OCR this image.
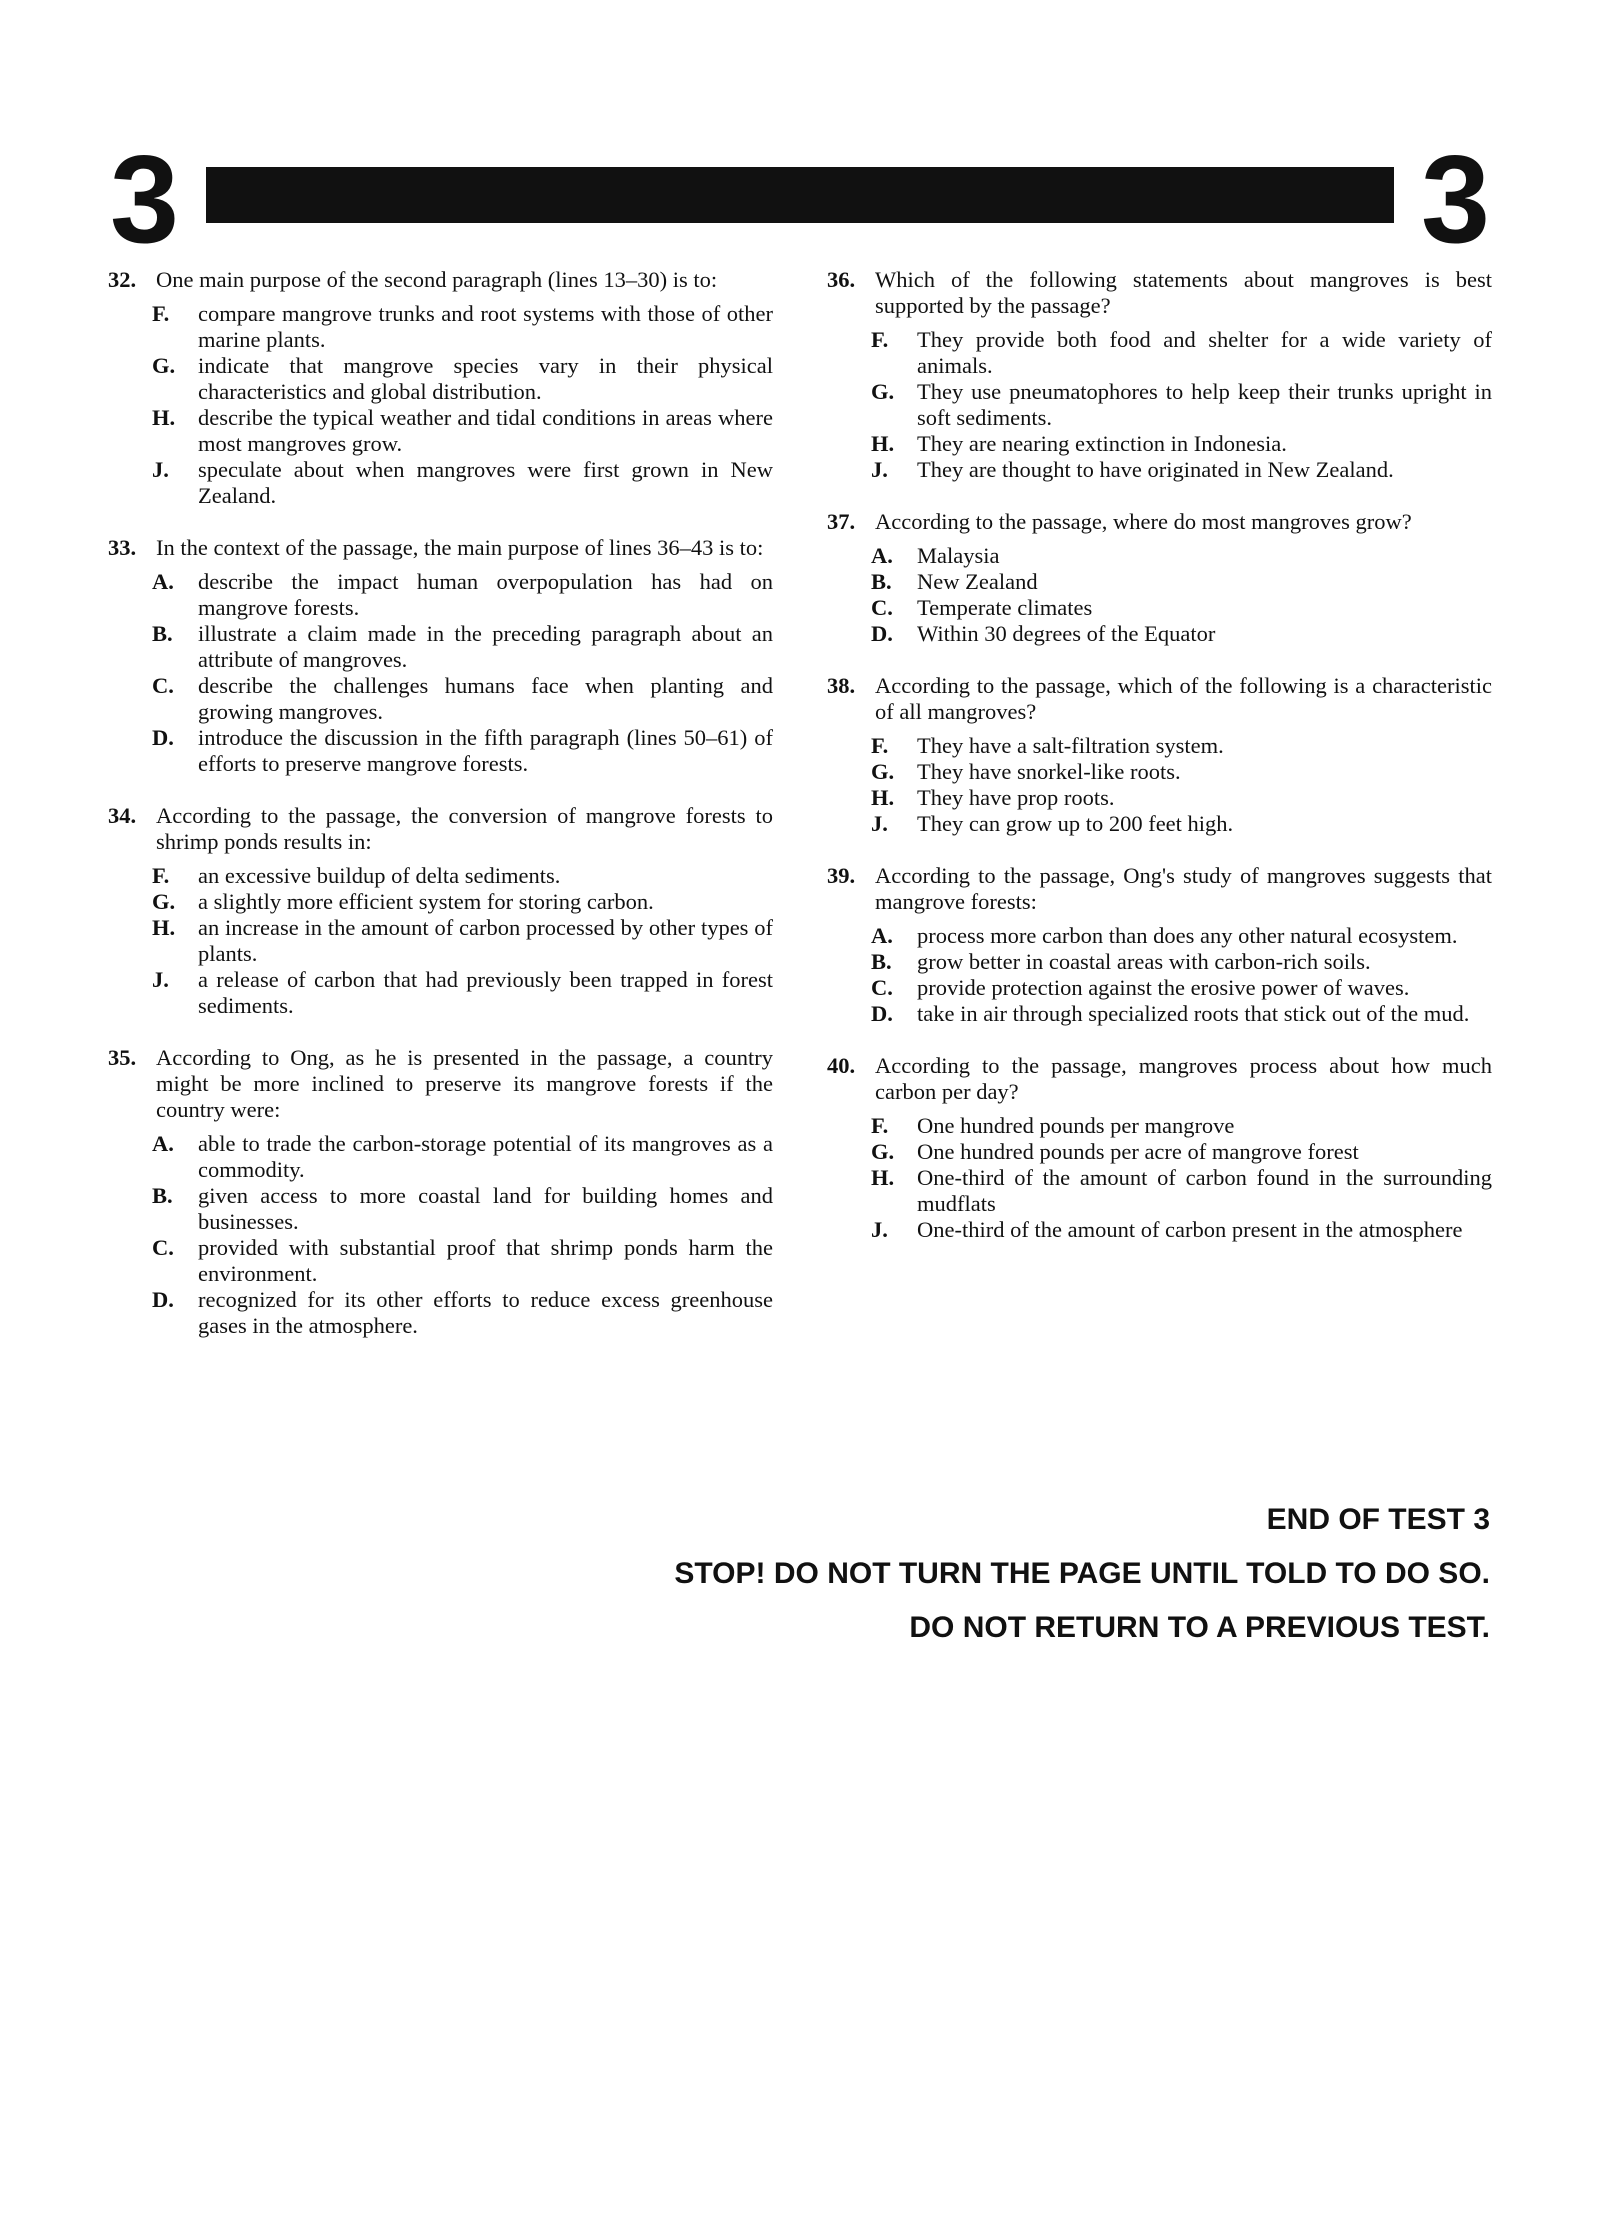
3	3
32. One main purpose of the second paragraph (lines 13–30) is to:
F.	compare mangrove trunks and root systems with those of other marine plants.
G.	indicate that mangrove species vary in their physical characteristics and global distribution.
H.	describe the typical weather and tidal conditions in areas where most mangroves grow.
J.	speculate about when mangroves were first grown in New Zealand.
33. In the context of the passage, the main purpose of lines 36–43 is to:
A.	describe the impact human overpopulation has had on mangrove forests.
B.	illustrate a claim made in the preceding paragraph about an attribute of mangroves.
C.	describe the challenges humans face when planting and growing mangroves.
D.	introduce the discussion in the fifth paragraph (lines 50–61) of efforts to preserve mangrove forests.
34. According to the passage, the conversion of mangrove forests to shrimp ponds results in:
F.	an excessive buildup of delta sediments.
G.	a slightly more efficient system for storing carbon.
H.	an increase in the amount of carbon processed by other types of plants.
J.	a release of carbon that had previously been trapped in forest sediments.
35. According to Ong, as he is presented in the passage, a country might be more inclined to preserve its mangrove forests if the country were:
A.	able to trade the carbon-storage potential of its mangroves as a commodity.
B.	given access to more coastal land for building homes and businesses.
C.	provided with substantial proof that shrimp ponds harm the environment.
D.	recognized for its other efforts to reduce excess greenhouse gases in the atmosphere.
36. Which of the following statements about mangroves is best supported by the passage?
F.	They provide both food and shelter for a wide variety of animals.
G.	They use pneumatophores to help keep their trunks upright in soft sediments.
H.	They are nearing extinction in Indonesia.
J.	They are thought to have originated in New Zealand.
37. According to the passage, where do most mangroves grow?
A.	Malaysia
B.	New Zealand
C.	Temperate climates
D.	Within 30 degrees of the Equator
38. According to the passage, which of the following is a characteristic of all mangroves?
F.	They have a salt-filtration system.
G.	They have snorkel-like roots.
H.	They have prop roots.
J.	They can grow up to 200 feet high.
39. According to the passage, Ong's study of mangroves suggests that mangrove forests:
A.	process more carbon than does any other natural ecosystem.
B.	grow better in coastal areas with carbon-rich soils.
C.	provide protection against the erosive power of waves.
D.	take in air through specialized roots that stick out of the mud.
40. According to the passage, mangroves process about how much carbon per day?
F.	One hundred pounds per mangrove
G.	One hundred pounds per acre of mangrove forest
H.	One-third of the amount of carbon found in the surrounding mudflats
J.	One-third of the amount of carbon present in the atmosphere
END OF TEST 3
STOP! DO NOT TURN THE PAGE UNTIL TOLD TO DO SO.
DO NOT RETURN TO A PREVIOUS TEST.
